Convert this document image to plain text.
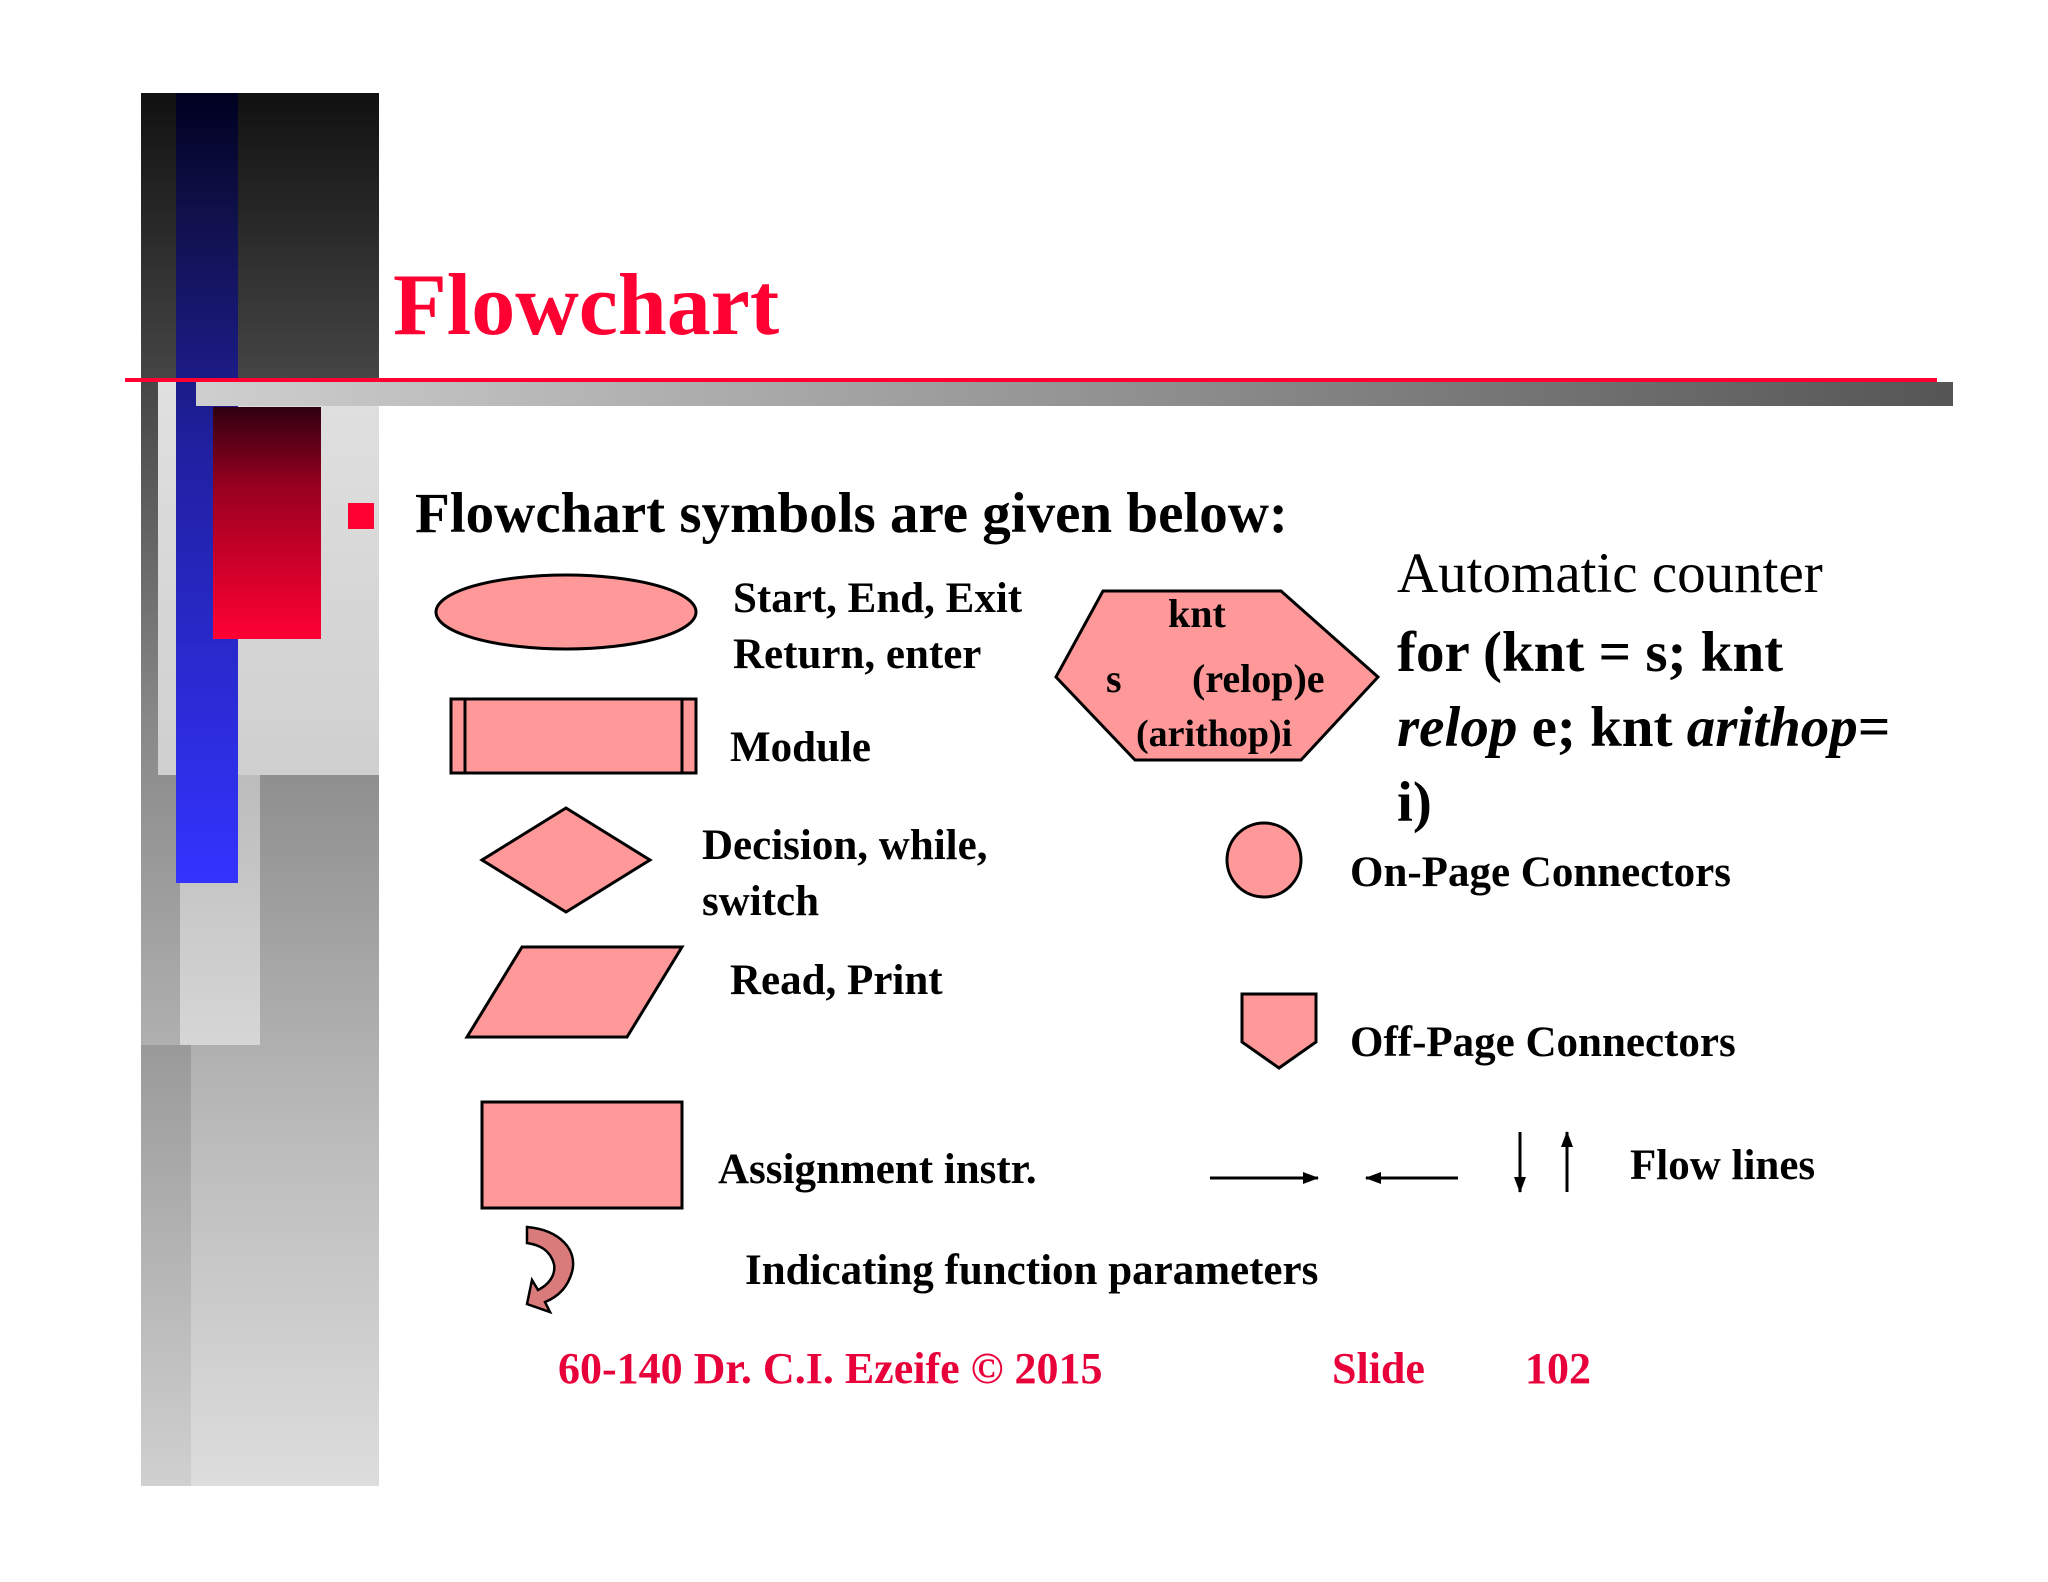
Flowchart
Flowchart symbols are given below:
Start, End, Exit
Return, enter
Module
Decision, while,
switch
Read, Print
Assignment instr.
Indicating function parameters
knt
s (relop)e
(arithop)i
Automatic counter
for (knt = s; knt
relop e; knt arithop=
i)
On-Page Connectors
Off-Page Connectors
Flow lines
60-140 Dr. C.I. Ezeife © 2015	Slide 102
